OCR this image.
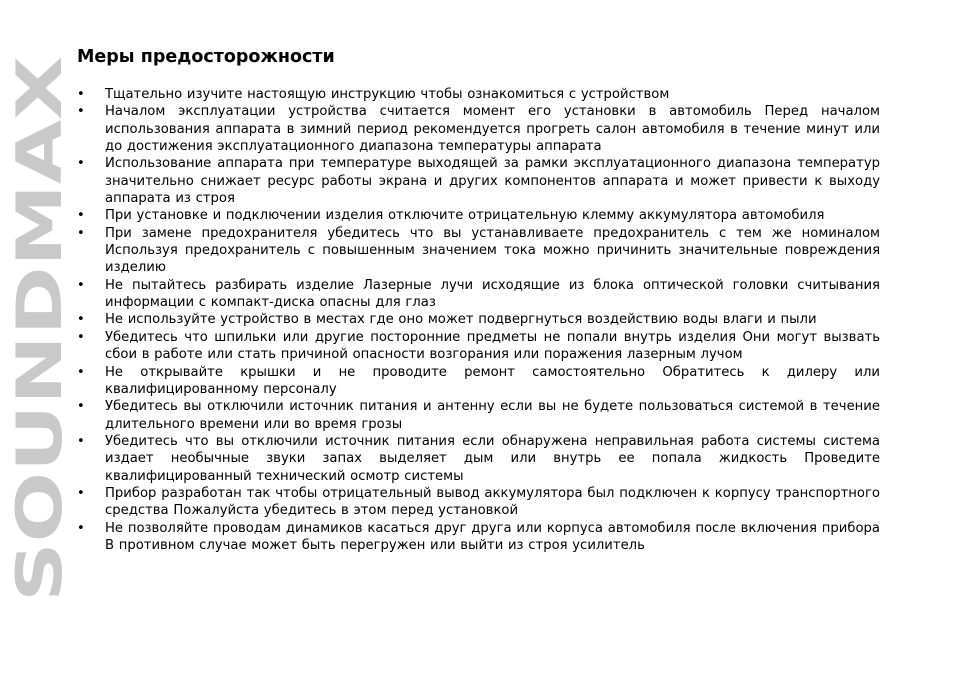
SOUNDMAX
Меры предосторожности
• Тщательно изучите настоящую инструкцию чтобы ознакомиться с устройством
• Началом эксплуатации устройства считается момент его установки в автомобиль Перед началом использования аппарата в зимний период рекомендуется прогреть салон автомобиля в течение минут или до достижения эксплуатационного диапазона температуры аппарата
• Использование аппарата при температуре выходящей за рамки эксплуатационного диапазона температур значительно снижает ресурс работы экрана и других компонентов аппарата и может привести к выходу аппарата из строя
• При установке и подключении изделия отключите отрицательную клемму аккумулятора автомобиля
• При замене предохранителя убедитесь что вы устанавливаете предохранитель с тем же номиналом Используя предохранитель с повышенным значением тока можно причинить значительные повреждения изделию
• Не пытайтесь разбирать изделие Лазерные лучи исходящие из блока оптической головки считывания информации с компакт-диска опасны для глаз
• Не используйте устройство в местах где оно может подвергнуться воздействию воды влаги и пыли
• Убедитесь что шпильки или другие посторонние предметы не попали внутрь изделия Они могут вызвать сбои в работе или стать причиной опасности возгорания или поражения лазерным лучом
• Не открывайте крышки и не проводите ремонт самостоятельно Обратитесь к дилеру или квалифицированному персоналу
• Убедитесь вы отключили источник питания и антенну если вы не будете пользоваться системой в течение длительного времени или во время грозы
• Убедитесь что вы отключили источник питания если обнаружена неправильная работа системы система издает необычные звуки запах выделяет дым или внутрь ее попала жидкость Проведите квалифицированный технический осмотр системы
• Прибор разработан так чтобы отрицательный вывод аккумулятора был подключен к корпусу транспортного средства Пожалуйста убедитесь в этом перед установкой
• Не позволяйте проводам динамиков касаться друг друга или корпуса автомобиля после включения прибора В противном случае может быть перегружен или выйти из строя усилитель
